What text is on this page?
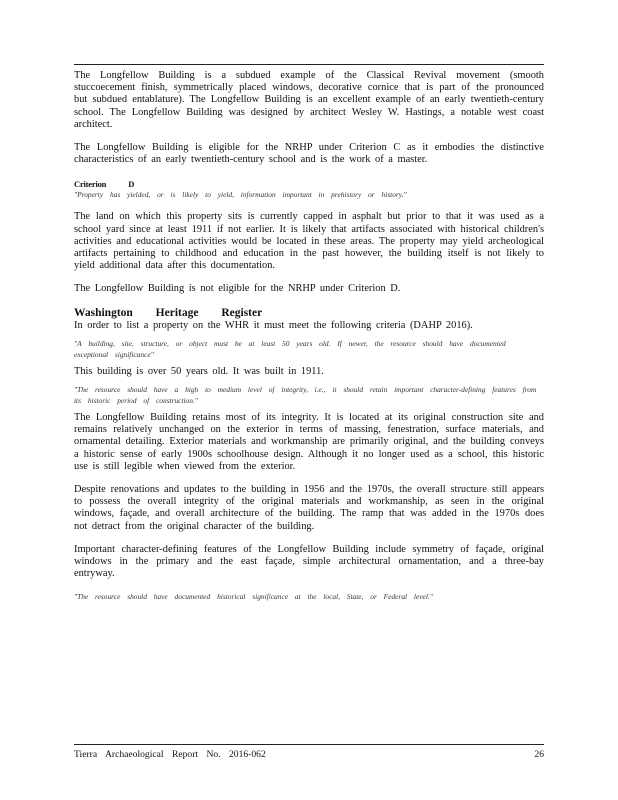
The Longfellow Building is a subdued example of the Classical Revival movement (smooth stuccoecement finish, symmetrically placed windows, decorative cornice that is part of the pronounced but subdued entablature). The Longfellow Building is an excellent example of an early twentieth-century school. The Longfellow Building was designed by architect Wesley W. Hastings, a notable west coast architect.

The Longfellow Building is eligible for the NRHP under Criterion C as it embodies the distinctive characteristics of an early twentieth-century school and is the work of a master.

Criterion	D

"Property has yielded, or is likely to yield, information important in prehistory or history."

The land on which this property sits is currently capped in asphalt but prior to that it was used as a school yard since at least 1911 if not earlier. It is likely that artifacts associated with historical children's activities and educational activities would be located in these areas. The property may yield archeological artifacts pertaining to childhood and education in the past however, the building itself is not likely to yield additional data after this documentation.

The Longfellow Building is not eligible for the NRHP under Criterion D.

Washington Heritage Register

In order to list a property on the WHR it must meet the following criteria (DAHP 2016).

"A building, site, structure, or object must be at least 50 years old. If newer, the resource should have documented exceptional significance"

This building is over 50 years old. It was built in 1911.

"The resource should have a high to medium level of integrity, i.e., it should retain important character-defining features from its historic period of construction."

The Longfellow Building retains most of its integrity. It is located at its original construction site and remains relatively unchanged on the exterior in terms of massing, fenestration, surface materials, and ornamental detailing. Exterior materials and workmanship are primarily original, and the building conveys a historic sense of early 1900s schoolhouse design. Although it no longer used as a school, this historic use is still legible when viewed from the exterior.

Despite renovations and updates to the building in 1956 and the 1970s, the overall structure still appears to possess the overall integrity of the original materials and workmanship, as seen in the original windows, façade, and overall architecture of the building. The ramp that was added in the 1970s does not detract from the original character of the building.

Important character-defining features of the Longfellow Building include symmetry of façade, original windows in the primary and the east façade, simple architectural ornamentation, and a three-bay entryway.

"The resource should have documented historical significance at the local, State, or Federal level."

Tierra Archaeological Report No. 2016-062	26
